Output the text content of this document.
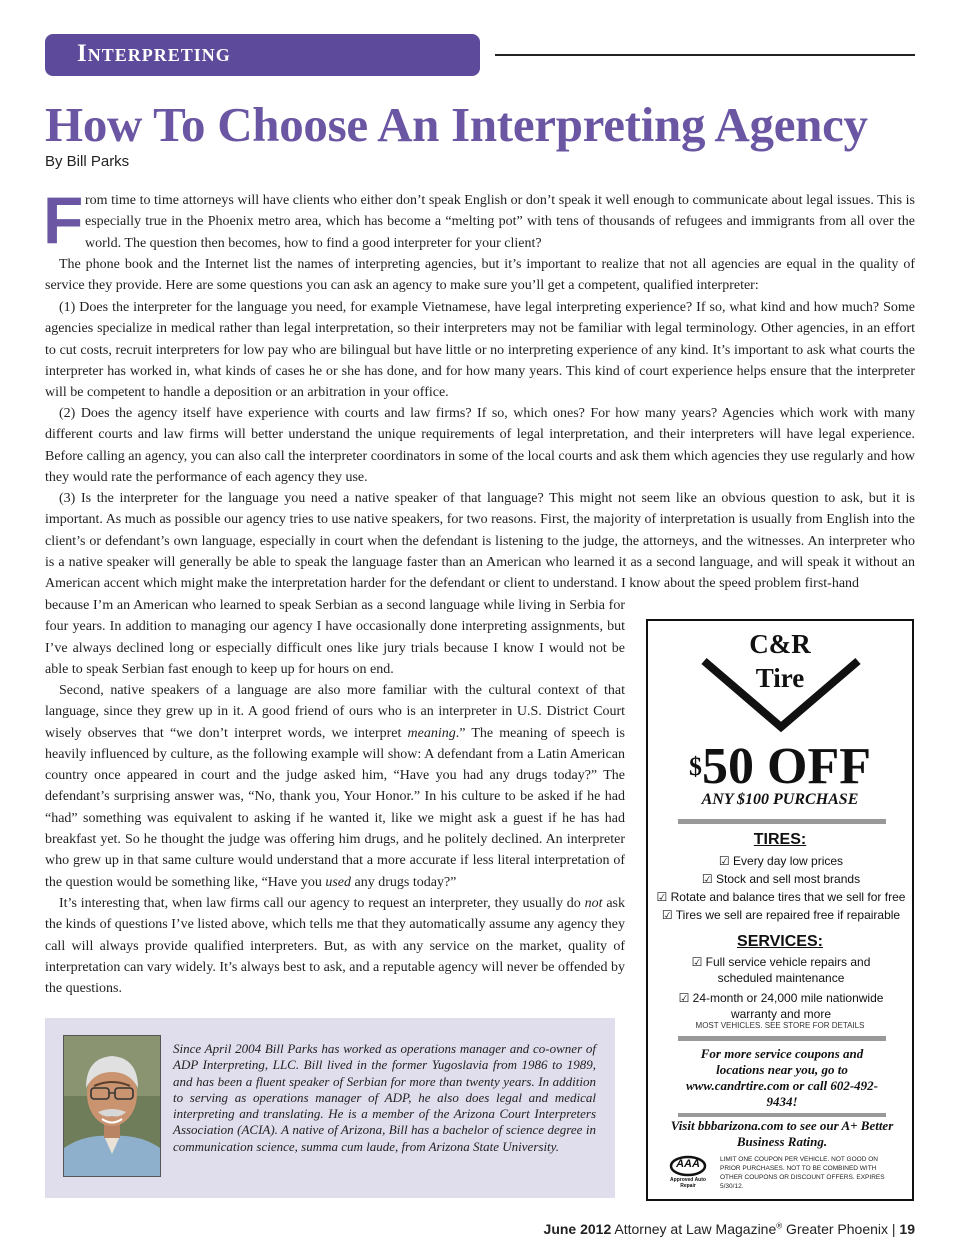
Interpreting
How To Choose An Interpreting Agency
By Bill Parks
F rom time to time attorneys will have clients who either don’t speak English or don’t speak it well enough to communicate about legal issues. This is especially true in the Phoenix metro area, which has become a “melting pot” with tens of thousands of refugees and immigrants from all over the world. The question then becomes, how to find a good interpreter for your client?
The phone book and the Internet list the names of interpreting agencies, but it’s important to realize that not all agencies are equal in the quality of service they provide. Here are some questions you can ask an agency to make sure you’ll get a competent, qualified interpreter:
(1) Does the interpreter for the language you need, for example Vietnamese, have legal interpreting experience? If so, what kind and how much? Some agencies specialize in medical rather than legal interpretation, so their interpreters may not be familiar with legal terminology. Other agencies, in an effort to cut costs, recruit interpreters for low pay who are bilingual but have little or no interpreting experience of any kind. It’s important to ask what courts the interpreter has worked in, what kinds of cases he or she has done, and for how many years. This kind of court experience helps ensure that the interpreter will be competent to handle a deposition or an arbitration in your office.
(2) Does the agency itself have experience with courts and law firms? If so, which ones? For how many years? Agencies which work with many different courts and law firms will better understand the unique requirements of legal interpretation, and their interpreters will have legal experience. Before calling an agency, you can also call the interpreter coordinators in some of the local courts and ask them which agencies they use regularly and how they would rate the performance of each agency they use.
(3) Is the interpreter for the language you need a native speaker of that language? This might not seem like an obvious question to ask, but it is important. As much as possible our agency tries to use native speakers, for two reasons. First, the majority of interpretation is usually from English into the client’s or defendant’s own language, especially in court when the defendant is listening to the judge, the attorneys, and the witnesses. An interpreter who is a native speaker will generally be able to speak the language faster than an American who learned it as a second language, and will speak it without an American accent which might make the interpretation harder for the defendant or client to understand. I know about the speed problem first-hand
because I’m an American who learned to speak Serbian as a second language while living in Serbia for four years. In addition to managing our agency I have occasionally done interpreting assignments, but I’ve always declined long or especially difficult ones like jury trials because I know I would not be able to speak Serbian fast enough to keep up for hours on end.
Second, native speakers of a language are also more familiar with the cultural context of that language, since they grew up in it. A good friend of ours who is an interpreter in U.S. District Court wisely observes that “we don’t interpret words, we interpret meaning.” The meaning of speech is heavily influenced by culture, as the following example will show: A defendant from a Latin American country once appeared in court and the judge asked him, “Have you had any drugs today?” The defendant’s surprising answer was, “No, thank you, Your Honor.” In his culture to be asked if he had “had” something was equivalent to asking if he wanted it, like we might ask a guest if he has had breakfast yet. So he thought the judge was offering him drugs, and he politely declined. An interpreter who grew up in that same culture would understand that a more accurate if less literal interpretation of the question would be something like, “Have you used any drugs today?”
It’s interesting that, when law firms call our agency to request an interpreter, they usually do not ask the kinds of questions I’ve listed above, which tells me that they automatically assume any agency they call will always provide qualified interpreters. But, as with any service on the market, quality of interpretation can vary widely. It’s always best to ask, and a reputable agency will never be offended by the questions.
C&R
Tire
$50 OFF
ANY $100 PURCHASE
TIRES:
☑ Every day low prices
☑ Stock and sell most brands
☑ Rotate and balance tires that we sell for free
☑ Tires we sell are repaired free if repairable
SERVICES:
☑ Full service vehicle repairs and scheduled maintenance
☑ 24-month or 24,000 mile nationwide warranty and more
MOST VEHICLES. SEE STORE FOR DETAILS
For more service coupons and locations near you, go to www.candrtire.com or call 602-492-9434!
Visit bbbarizona.com to see our A+ Better Business Rating.
AAA
Approved Auto Repair
LIMIT ONE COUPON PER VEHICLE. NOT GOOD ON PRIOR PURCHASES. NOT TO BE COMBINED WITH OTHER COUPONS OR DISCOUNT OFFERS. EXPIRES 5/30/12.
Since April 2004 Bill Parks has worked as operations manager and co-owner of ADP Interpreting, LLC. Bill lived in the former Yugoslavia from 1986 to 1989, and has been a fluent speaker of Serbian for more than twenty years. In addition to serving as operations manager of ADP, he also does legal and medical interpreting and translating. He is a member of the Arizona Court Interpreters Association (ACIA). A native of Arizona, Bill has a bachelor of science degree in communication science, summa cum laude, from Arizona State University.
June 2012 Attorney at Law Magazine® Greater Phoenix | 19
